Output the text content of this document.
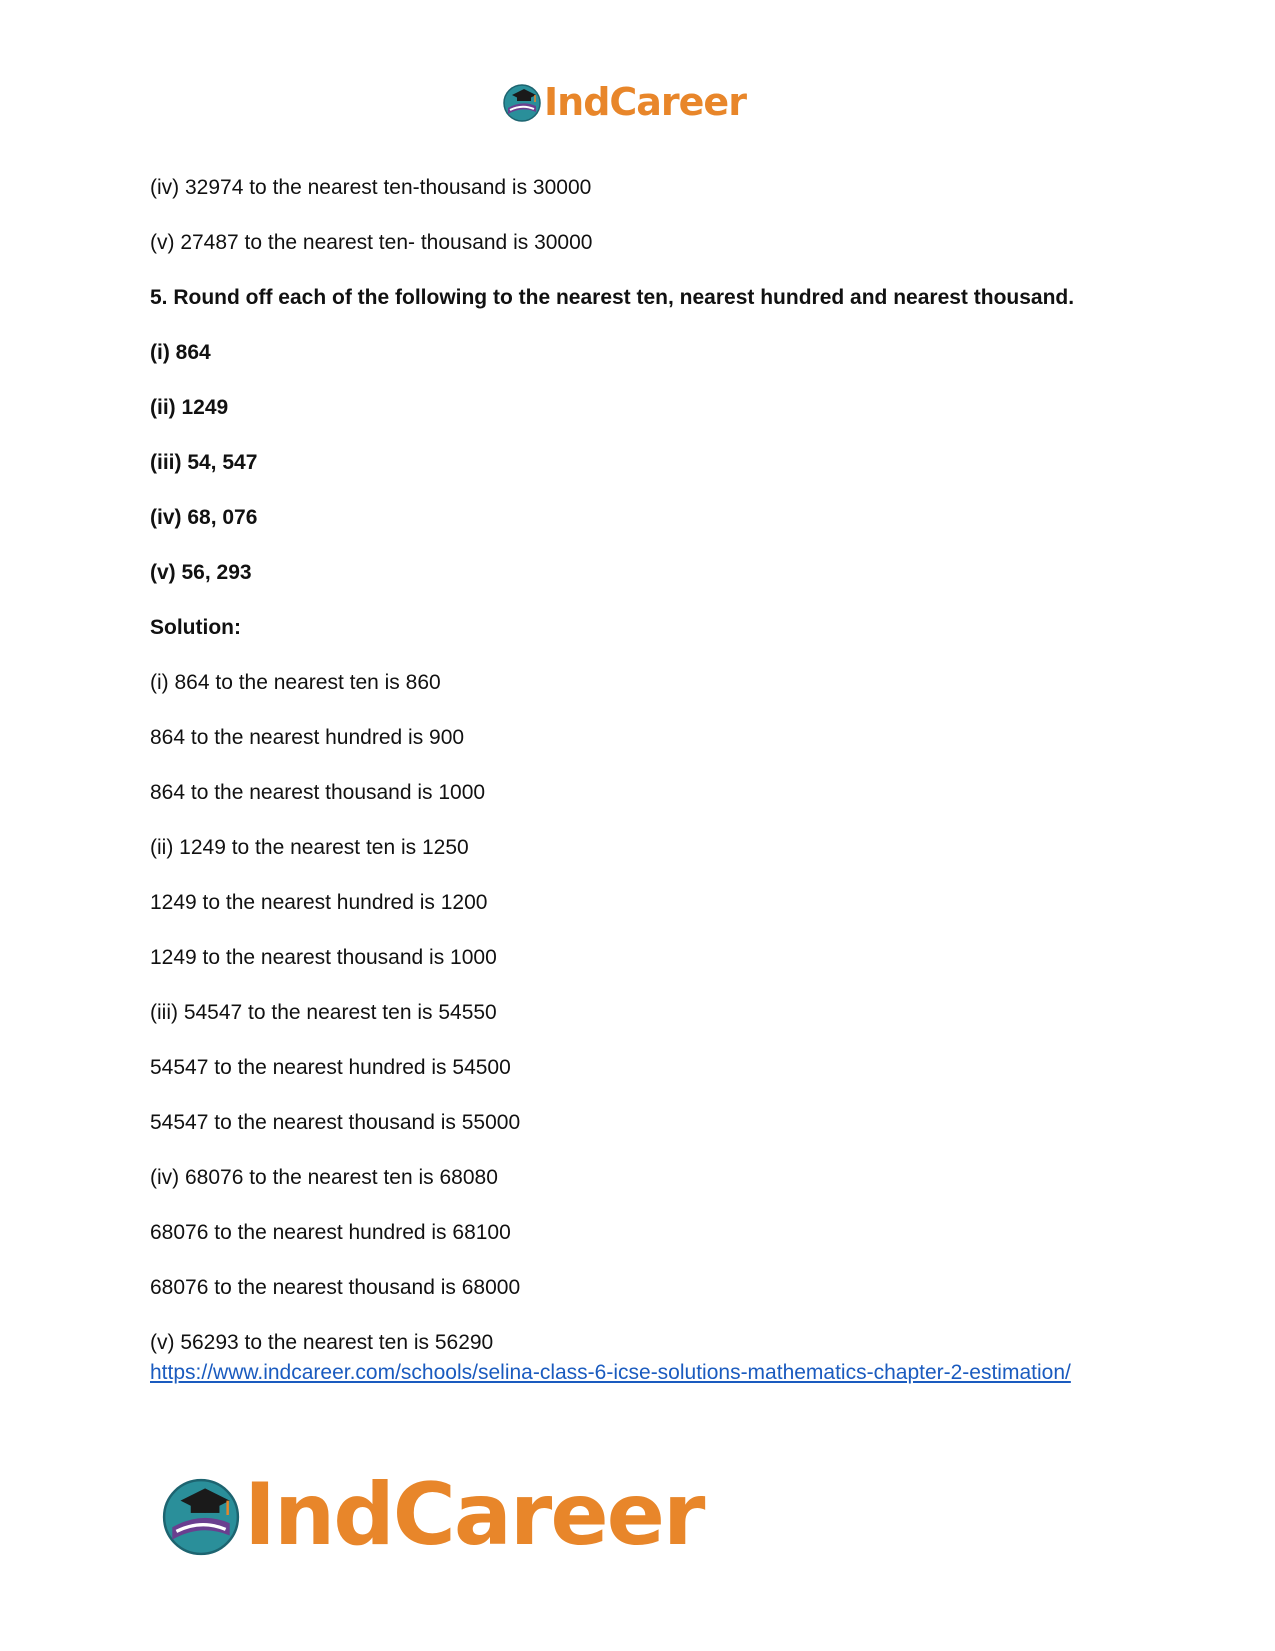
IndCareer

(iv) 32974 to the nearest ten-thousand is 30000

(v) 27487 to the nearest ten- thousand is 30000

5. Round off each of the following to the nearest ten, nearest hundred and nearest thousand.

(i) 864

(ii) 1249

(iii) 54, 547

(iv) 68, 076

(v) 56, 293

Solution:

(i) 864 to the nearest ten is 860

864 to the nearest hundred is 900

864 to the nearest thousand is 1000

(ii) 1249 to the nearest ten is 1250

1249 to the nearest hundred is 1200

1249 to the nearest thousand is 1000

(iii) 54547 to the nearest ten is 54550

54547 to the nearest hundred is 54500

54547 to the nearest thousand is 55000

(iv) 68076 to the nearest ten is 68080

68076 to the nearest hundred is 68100

68076 to the nearest thousand is 68000

(v) 56293 to the nearest ten is 56290

https://www.indcareer.com/schools/selina-class-6-icse-solutions-mathematics-chapter-2-estimation/
IndCareer
